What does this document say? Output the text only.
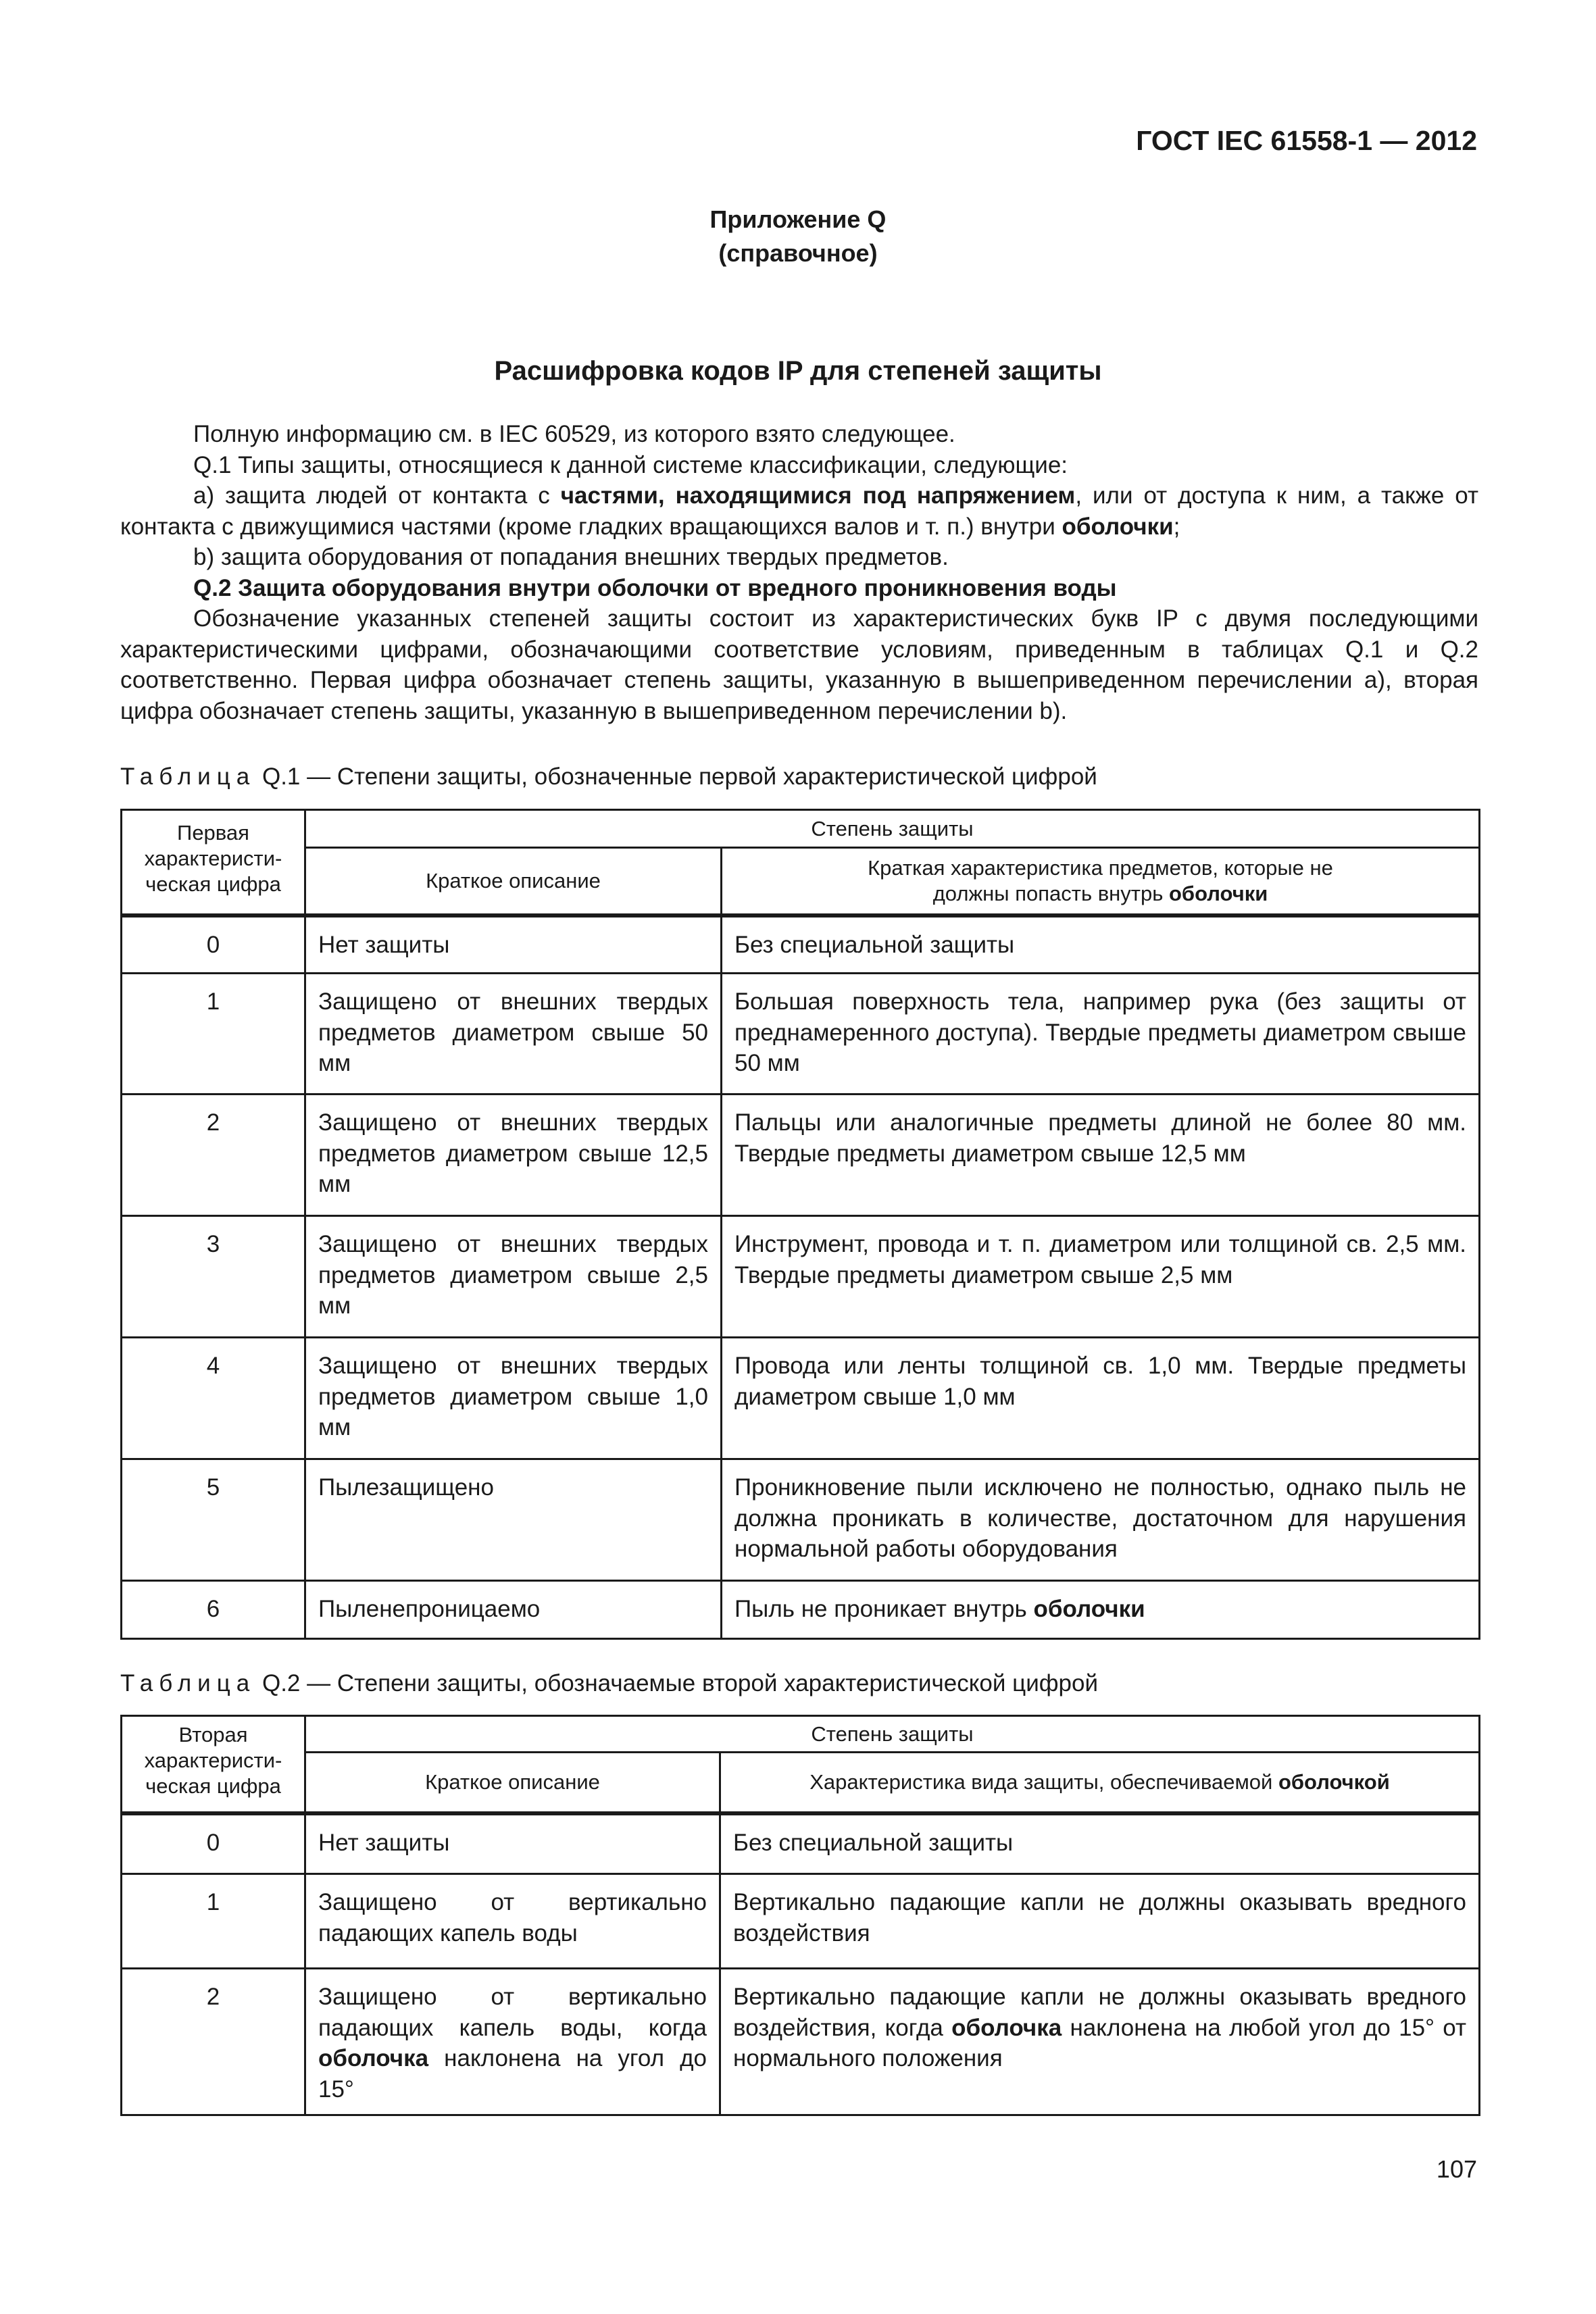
ГОСТ IEC 61558-1 — 2012
Приложение Q
(справочное)
Расшифровка кодов IP для степеней защиты

Полную информацию см. в IEC 60529, из которого взято следующее.

Q.1 Типы защиты, относящиеся к данной системе классификации, следующие:

а) защита людей от контакта с частями, находящимися под напряжением, или от доступа к ним, а также от контакта с движущимися частями (кроме гладких вращающихся валов и т. п.) внутри оболочки;

b) защита оборудования от попадания внешних твердых предметов.

Q.2 Защита оборудования внутри оболочки от вредного проникновения воды

Обозначение указанных степеней защиты состоит из характеристических букв IP с двумя последующими характеристическими цифрами, обозначающими соответствие условиям, приведенным в таблицах Q.1 и Q.2 соответственно. Первая цифра обозначает степень защиты, указанную в вышеприведенном перечислении а), вторая цифра обозначает степень защиты, указанную в вышеприведенном перечислении b).

Таблица Q.1 — Степени защиты, обозначенные первой характеристической цифрой
Первая характеристи-ческая цифра	Степень защиты	
	Краткое описание	Краткая характеристика предметов, которые не должны попасть внутрь оболочки

0	Нет защиты	Без специальной защиты
1	Защищено от внешних твердых предметов диаметром свыше 50 мм	Большая поверхность тела, например рука (без защиты от преднамеренного доступа). Твердые предметы диаметром свыше 50 мм
2	Защищено от внешних твердых предметов диаметром свыше 12,5 мм	Пальцы или аналогичные предметы длиной не более 80 мм. Твердые предметы диаметром свыше 12,5 мм
3	Защищено от внешних твердых предметов диаметром свыше 2,5 мм	Инструмент, провода и т. п. диаметром или толщиной св. 2,5 мм. Твердые предметы диаметром свыше 2,5 мм
4	Защищено от внешних твердых предметов диаметром свыше 1,0 мм	Провода или ленты толщиной св. 1,0 мм. Твердые предметы диаметром свыше 1,0 мм
5	Пылезащищено	Проникновение пыли исключено не полностью, однако пыль не должна проникать в количестве, достаточном для нарушения нормальной работы оборудования
6	Пыленепроницаемо	Пыль не проникает внутрь оболочки
Таблица Q.2 — Степени защиты, обозначаемые второй характеристической цифрой
Вторая характеристи-ческая цифра	Степень защиты	
	Краткое описание	Характеристика вида защиты, обеспечиваемой оболочкой
0	Нет защиты	Без специальной защиты
1	Защищено от вертикально падающих капель воды	Вертикально падающие капли не должны оказывать вредного воздействия
2	Защищено от вертикально падающих капель воды, когда оболочка наклонена на угол до 15°	Вертикально падающие капли не должны оказывать вредного воздействия, когда оболочка наклонена на любой угол до 15° от нормального положения
107
